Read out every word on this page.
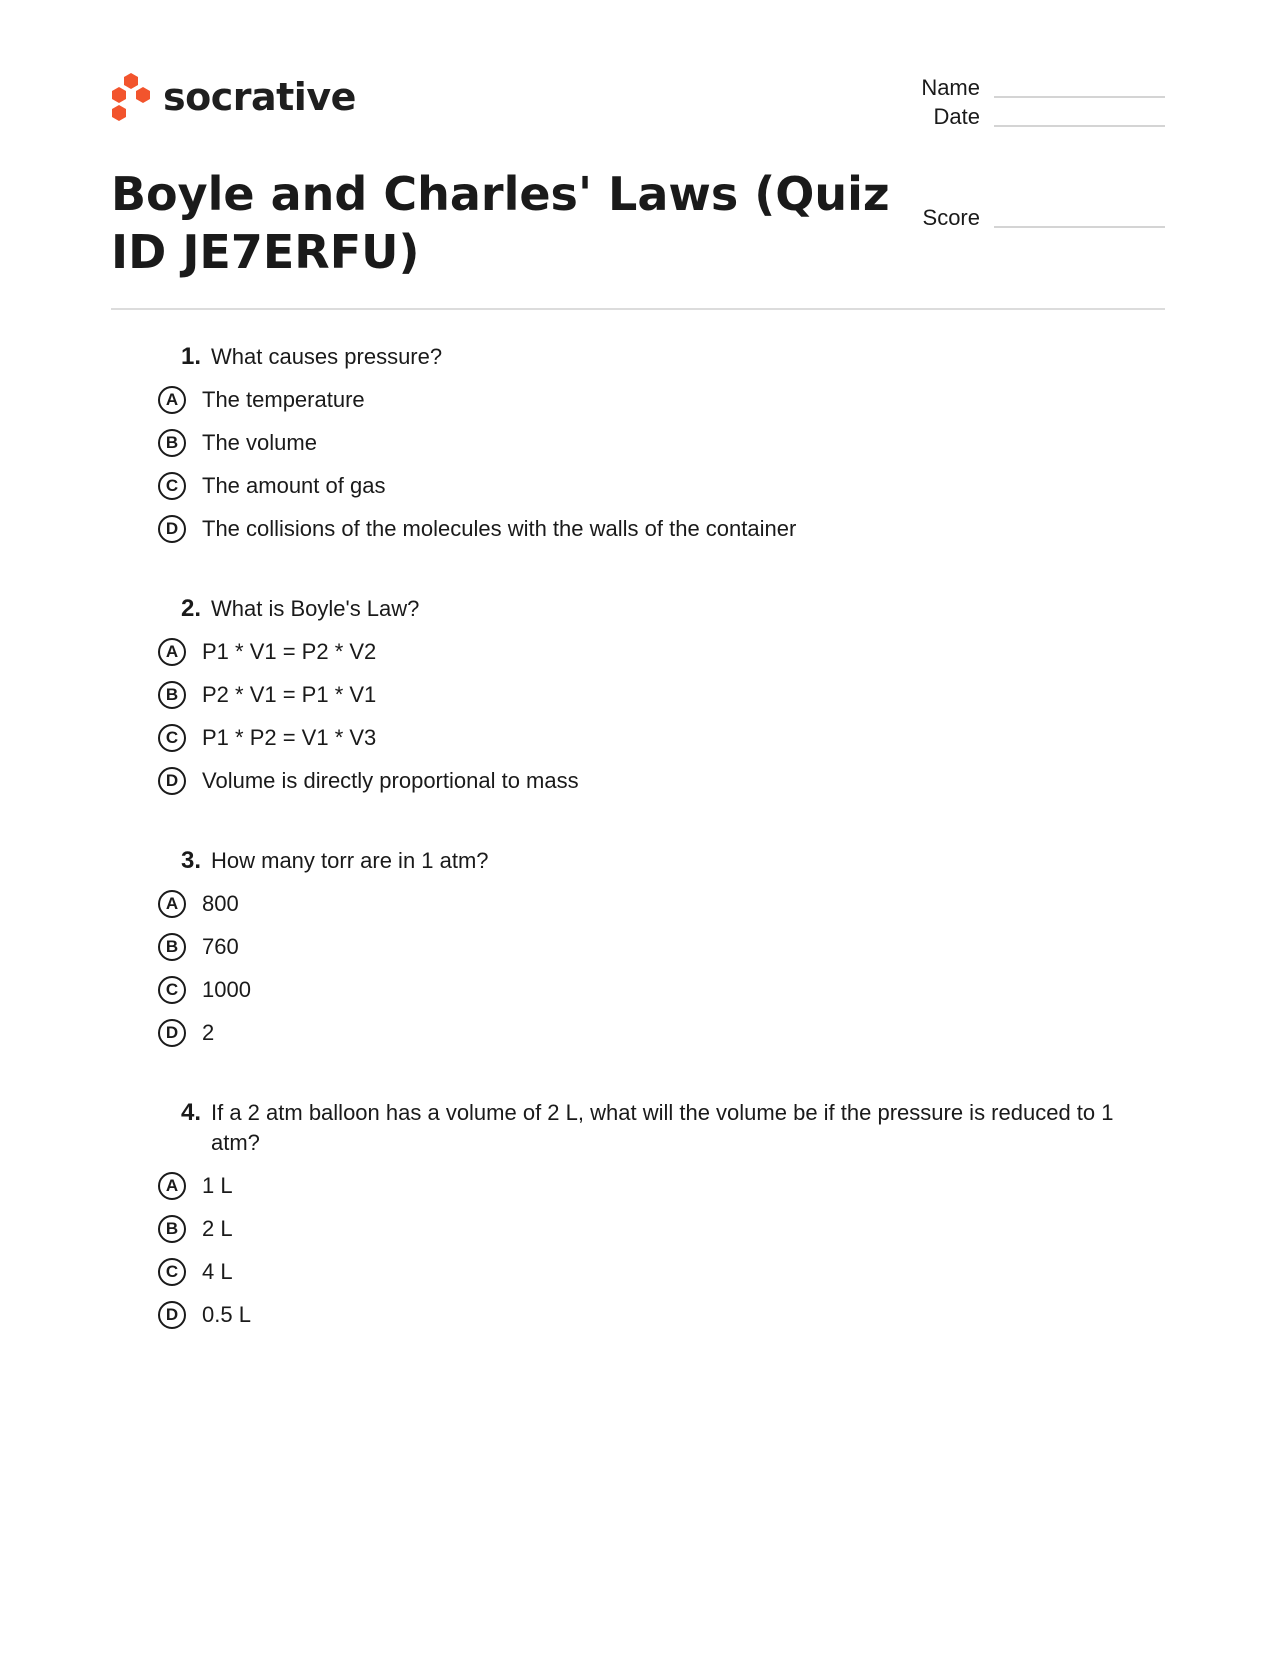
socrative	Name
Date
Score
Boyle and Charles' Laws (Quiz ID JE7ERFU)
1. What causes pressure?
A	The temperature
B	The volume
C	The amount of gas
D	The collisions of the molecules with the walls of the container
2. What is Boyle's Law?
A	P1 * V1 = P2 * V2
B	P2 * V1 = P1 * V1
C	P1 * P2 = V1 * V3
D	Volume is directly proportional to mass
3. How many torr are in 1 atm?
A	800
B	760
C	1000
D	2
4. If a 2 atm balloon has a volume of 2 L, what will the volume be if the pressure is reduced to 1 atm?
A	1 L
B	2 L
C	4 L
D	0.5 L
